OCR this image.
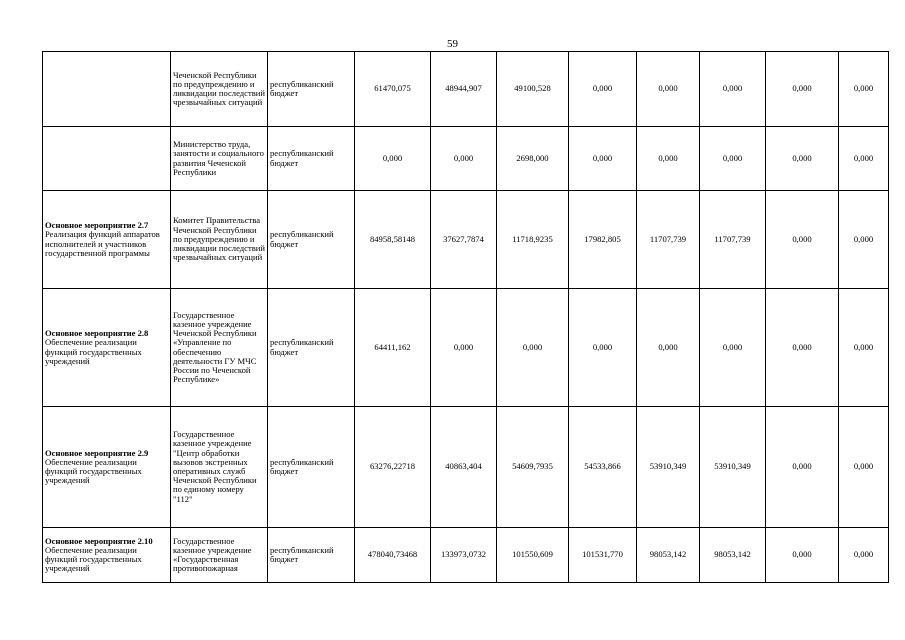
59
	Чеченской Республики по предупреждению и ликвидации последствий чрезвычайных ситуаций	республиканский бюджет	61470,075	48944,907	49100,528	0,000	0,000	0,000	0,000	0,000

	Министерство труда, занятости и социального развития Чеченской Республики	республиканский бюджет	0,000	0,000	2698,000	0,000	0,000	0,000	0,000	0,000

Основное мероприятие 2.7
Реализация функций аппаратов исполнителей и участников государственной программы	Комитет Правительства Чеченской Республики по предупреждению и ликвидации последствий чрезвычайных ситуаций	республиканский бюджет	84958,58148	37627,7874	11718,9235	17982,805	11707,739	11707,739	0,000	0,000

Основное мероприятие 2.8
Обеспечение реализации функций государственных учреждений	Государственное казенное учреждение Чеченской Республики «Управление по обеспечению деятельности ГУ МЧС России по Чеченской Республике»	республиканский бюджет	64411,162	0,000	0,000	0,000	0,000	0,000	0,000	0,000

Основное мероприятие 2.9
Обеспечение реализации функций государственных учреждений	Государственное казенное учреждение "Центр обработки вызовов экстренных оперативных служб Чеченской Республики по единому номеру "112"	республиканский бюджет	63276,22718	40863,404	54609,7935	54533,866	53910,349	53910,349	0,000	0,000

Основное мероприятие 2.10
Обеспечение реализации функций государственных учреждений	Государственное казенное учреждение «Государственная противопожарная	республиканский бюджет	478040,73468	133973,0732	101550,609	101531,770	98053,142	98053,142	0,000	0,000
